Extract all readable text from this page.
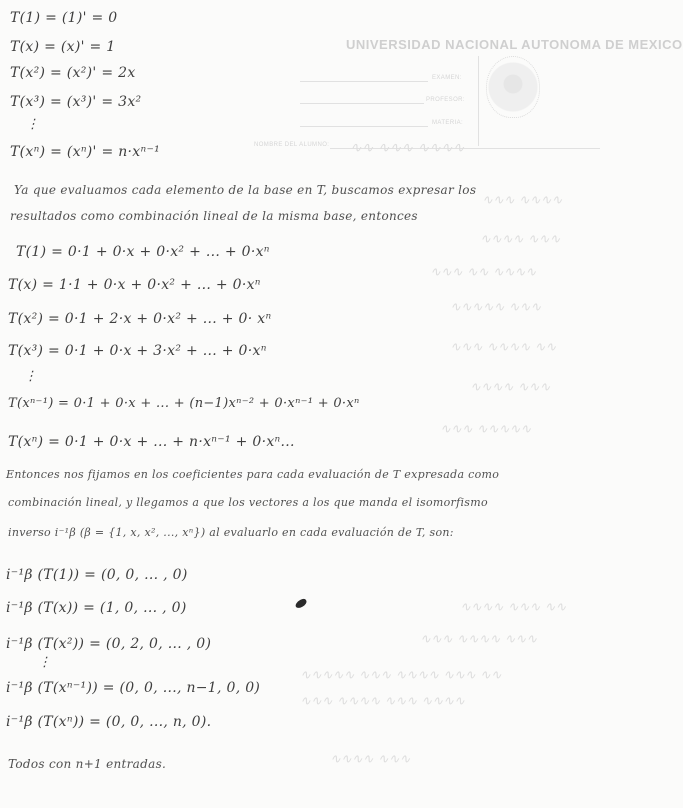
UNIVERSIDAD NACIONAL AUTONOMA DE MEXICO
EXAMEN:
PROFESOR:
MATERIA:
NOMBRE DEL ALUMNO: ∿∿ ∿∿∿ ∿∿∿∿
∿∿∿ ∿∿∿∿
∿∿∿∿ ∿∿∿
∿∿∿ ∿∿ ∿∿∿∿
∿∿∿∿∿ ∿∿∿
∿∿∿ ∿∿∿∿ ∿∿
∿∿∿∿ ∿∿∿
∿∿∿ ∿∿∿∿∿
∿∿∿∿ ∿∿∿ ∿∿
∿∿∿ ∿∿∿∿ ∿∿∿
∿∿∿∿∿ ∿∿∿ ∿∿∿∿ ∿∿∿ ∿∿
∿∿∿ ∿∿∿∿ ∿∿∿ ∿∿∿∿
∿∿∿∿ ∿∿∿
T(1) = (1)' = 0
T(x) = (x)' = 1
T(x²) = (x²)' = 2x
T(x³) = (x³)' = 3x²
⋮
T(xⁿ) = (xⁿ)' = n·xⁿ⁻¹
Ya que evaluamos cada elemento de la base en T, buscamos expresar los
resultados como combinación lineal de la misma base, entonces
T(1) = 0·1 + 0·x + 0·x² + ... + 0·xⁿ
T(x) = 1·1 + 0·x + 0·x² + ... + 0·xⁿ
T(x²) = 0·1 + 2·x + 0·x² + ... + 0· xⁿ
T(x³) = 0·1 + 0·x + 3·x² + ... + 0·xⁿ
⋮
T(xⁿ⁻¹) = 0·1 + 0·x + ... + (n−1)xⁿ⁻² + 0·xⁿ⁻¹ + 0·xⁿ
T(xⁿ) = 0·1 + 0·x + ... + n·xⁿ⁻¹ + 0·xⁿ...
Entonces nos fijamos en los coeficientes para cada evaluación de T expresada como
combinación lineal, y llegamos a que los vectores a los que manda el isomorfismo
inverso i⁻¹β (β = {1, x, x², ..., xⁿ}) al evaluarlo en cada evaluación de T, son:
i⁻¹β (T(1)) = (0, 0, ... , 0)
i⁻¹β (T(x)) = (1, 0, ... , 0)
i⁻¹β (T(x²)) = (0, 2, 0, ... , 0)
⋮
i⁻¹β (T(xⁿ⁻¹)) = (0, 0, ..., n−1, 0, 0)
i⁻¹β (T(xⁿ)) = (0, 0, ..., n, 0).
Todos con n+1 entradas.
